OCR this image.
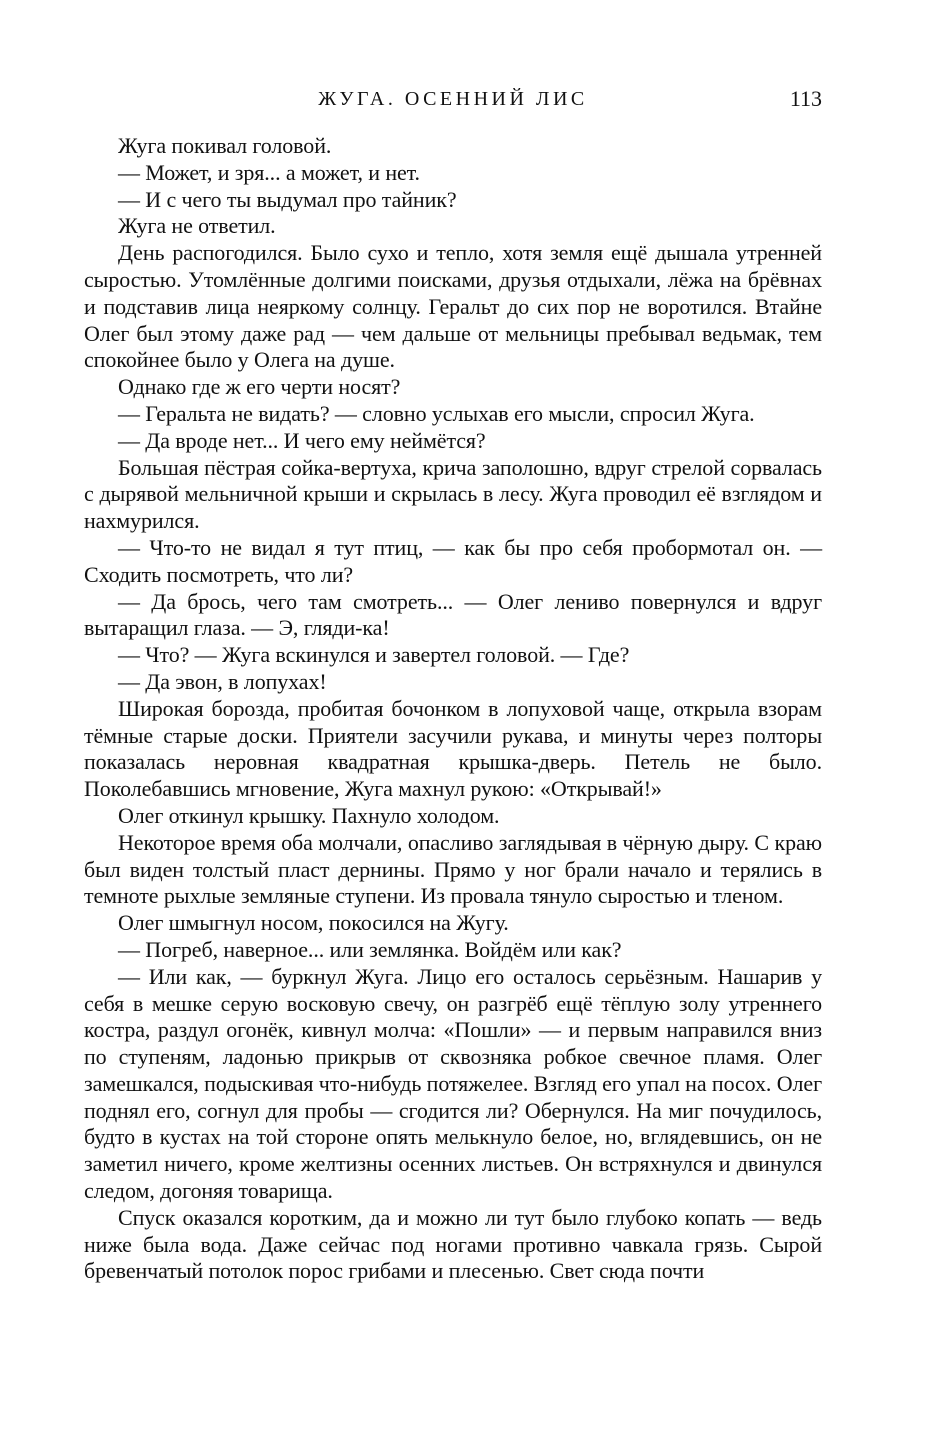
ЖУГА. ОСЕННИЙ ЛИС	113

Жуга покивал головой.

— Может, и зря... а может, и нет.

— И с чего ты выдумал про тайник?

Жуга не ответил.

День распогодился. Было сухо и тепло, хотя земля ещё дышала утренней сыростью. Утомлённые долгими поисками, друзья отдыхали, лёжа на брёвнах и подставив лица неяркому солнцу. Геральт до сих пор не воротился. Втайне Олег был этому даже рад — чем дальше от мельницы пребывал ведьмак, тем спокойнее было у Олега на душе.

Однако где ж его черти носят?

— Геральта не видать? — словно услыхав его мысли, спросил Жуга.

— Да вроде нет... И чего ему неймётся?

Большая пёстрая сойка-вертуха, крича заполошно, вдруг стрелой сорвалась с дырявой мельничной крыши и скрылась в лесу. Жуга проводил её взглядом и нахмурился.

— Что-то не видал я тут птиц, — как бы про себя пробормотал он. — Сходить посмотреть, что ли?

— Да брось, чего там смотреть... — Олег лениво повернулся и вдруг вытаращил глаза. — Э, гляди-ка!

— Что? — Жуга вскинулся и завертел головой. — Где?

— Да эвон, в лопухах!

Широкая борозда, пробитая бочонком в лопуховой чаще, открыла взорам тёмные старые доски. Приятели засучили рукава, и минуты через полторы показалась неровная квадратная крышка-дверь. Петель не было. Поколебавшись мгновение, Жуга махнул рукою: «Открывай!»

Олег откинул крышку. Пахнуло холодом.

Некоторое время оба молчали, опасливо заглядывая в чёрную дыру. С краю был виден толстый пласт дернины. Прямо у ног брали начало и терялись в темноте рыхлые земляные ступени. Из провала тянуло сыростью и тленом.

Олег шмыгнул носом, покосился на Жугу.

— Погреб, наверное... или землянка. Войдём или как?

— Или как, — буркнул Жуга. Лицо его осталось серьёзным. Нашарив у себя в мешке серую восковую свечу, он разгрёб ещё тёплую золу утреннего костра, раздул огонёк, кивнул молча: «Пошли» — и первым направился вниз по ступеням, ладонью прикрыв от сквозняка робкое свечное пламя. Олег замешкался, подыскивая что-нибудь потяжелее. Взгляд его упал на посох. Олег поднял его, согнул для пробы — сгодится ли? Обернулся. На миг почудилось, будто в кустах на той стороне опять мелькнуло белое, но, вглядевшись, он не заметил ничего, кроме желтизны осенних листьев. Он встряхнулся и двинулся следом, догоняя товарища.

Спуск оказался коротким, да и можно ли тут было глубоко копать — ведь ниже была вода. Даже сейчас под ногами противно чавкала грязь. Сырой бревенчатый потолок порос грибами и плесенью. Свет сюда почти
